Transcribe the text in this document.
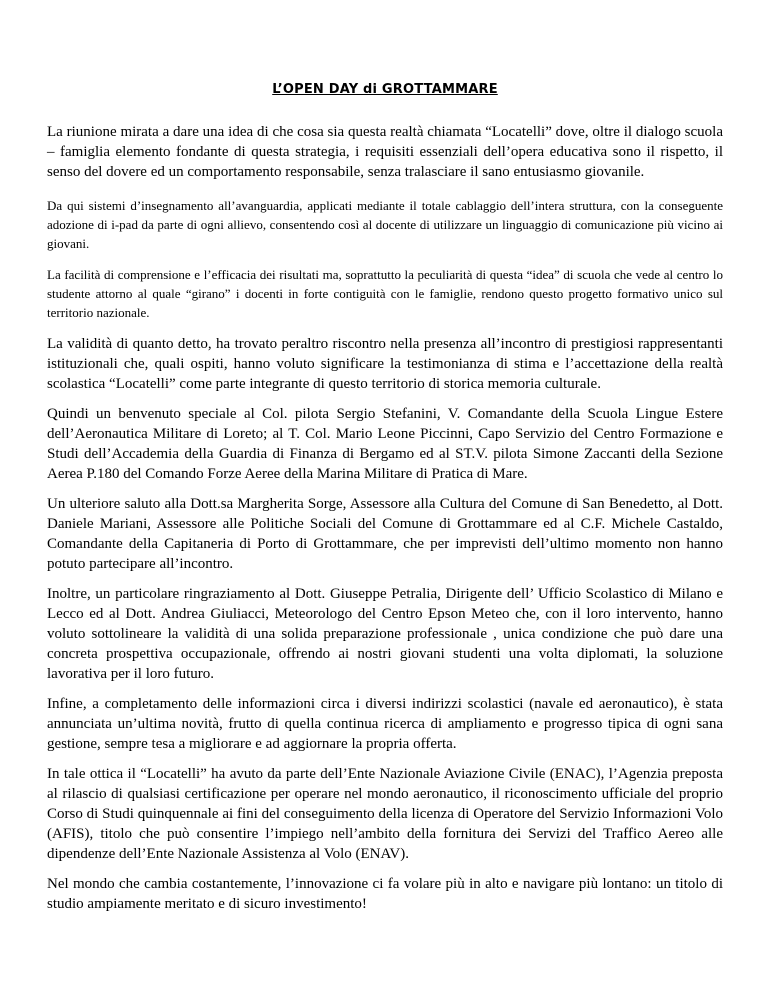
L’OPEN DAY di GROTTAMMARE

La riunione mirata a dare una idea di che cosa sia questa realtà chiamata “Locatelli” dove, oltre il dialogo scuola – famiglia elemento fondante di questa strategia, i requisiti essenziali dell’opera educativa sono il rispetto, il senso del dovere ed un comportamento responsabile, senza tralasciare il sano entusiasmo giovanile.

Da qui sistemi d’insegnamento all’avanguardia, applicati mediante il totale cablaggio dell’intera struttura, con la conseguente adozione di i-pad da parte di ogni allievo, consentendo così al docente di utilizzare un linguaggio di comunicazione più vicino ai giovani.

La facilità di comprensione e l’efficacia dei risultati ma, soprattutto la peculiarità di questa “idea” di scuola che vede al centro lo studente attorno al quale “girano” i docenti in forte contiguità con le famiglie, rendono questo progetto formativo unico sul territorio nazionale.

La validità di quanto detto, ha trovato peraltro riscontro nella presenza all’incontro di prestigiosi rappresentanti istituzionali che, quali ospiti, hanno voluto significare la testimonianza di stima e l’accettazione della realtà scolastica “Locatelli” come parte integrante di questo territorio di storica memoria culturale.

Quindi un benvenuto speciale al Col. pilota Sergio Stefanini, V. Comandante della Scuola Lingue Estere dell’Aeronautica Militare di Loreto; al T. Col. Mario Leone Piccinni, Capo Servizio del Centro Formazione e Studi dell’Accademia della Guardia di Finanza di Bergamo ed al ST.V. pilota Simone Zaccanti della Sezione Aerea P.180 del Comando Forze Aeree della Marina Militare di Pratica di Mare.

Un ulteriore saluto alla Dott.sa Margherita Sorge, Assessore alla Cultura del Comune di San Benedetto, al Dott. Daniele Mariani, Assessore alle Politiche Sociali del Comune di Grottammare ed al C.F. Michele Castaldo, Comandante della Capitaneria di Porto di Grottammare, che per imprevisti dell’ultimo momento non hanno potuto partecipare all’incontro.

Inoltre, un particolare ringraziamento al Dott. Giuseppe Petralia, Dirigente dell’ Ufficio Scolastico di Milano e Lecco ed al Dott. Andrea Giuliacci, Meteorologo del Centro Epson Meteo che, con il loro intervento, hanno voluto sottolineare la validità di una solida preparazione professionale , unica condizione che può dare una concreta prospettiva occupazionale, offrendo ai nostri giovani studenti una volta diplomati, la soluzione lavorativa per il loro futuro.

Infine, a completamento delle informazioni circa i diversi indirizzi scolastici (navale ed aeronautico), è stata annunciata un’ultima novità, frutto di quella continua ricerca di ampliamento e progresso tipica di ogni sana gestione, sempre tesa a migliorare e ad aggiornare la propria offerta.

In tale ottica il “Locatelli” ha avuto da parte dell’Ente Nazionale Aviazione Civile (ENAC), l’Agenzia preposta al rilascio di qualsiasi certificazione per operare nel mondo aeronautico, il riconoscimento ufficiale del proprio Corso di Studi quinquennale ai fini del conseguimento della licenza di Operatore del Servizio Informazioni Volo (AFIS), titolo che può consentire l’impiego nell’ambito della fornitura dei Servizi del Traffico Aereo alle dipendenze dell’Ente Nazionale Assistenza al Volo (ENAV).

Nel mondo che cambia costantemente, l’innovazione ci fa volare più in alto e navigare più lontano: un titolo di studio ampiamente meritato e di sicuro investimento!
